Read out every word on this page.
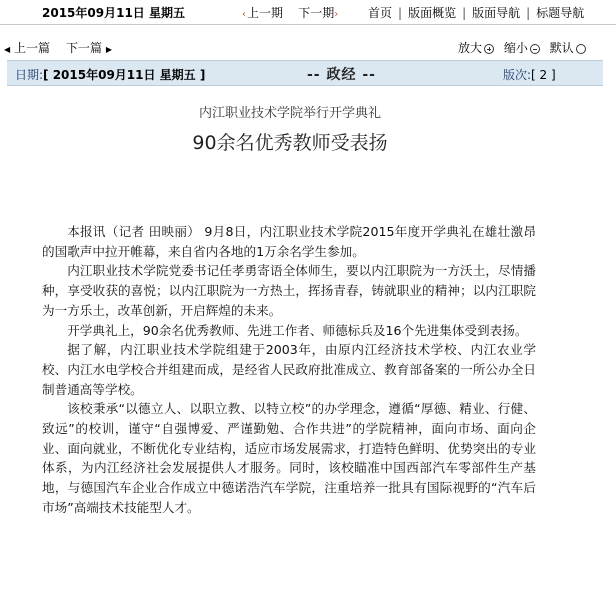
2015年09月11日 星期五	‹上一期 下一期› 首页 | 版面概览 | 版面导航 | 标题导航
◀ 上一篇 下一篇 ▶	放大 缩小 默认
日期:[ 2015年09月11日 星期五 ]	-- 政经 --	版次:[ 2 ]
内江职业技术学院举行开学典礼
90余名优秀教师受表扬

本报讯（记者 田映丽） 9月8日，内江职业技术学院2015年度开学典礼在雄壮激昂的国歌声中拉开帷幕，来自省内各地的1万余名学生参加。

内江职业技术学院党委书记任孝勇寄语全体师生，要以内江职院为一方沃土，尽情播种，享受收获的喜悦；以内江职院为一方热土，挥扬青春，铸就职业的精神；以内江职院为一方乐土，改革创新，开启辉煌的未来。

开学典礼上，90余名优秀教师、先进工作者、师德标兵及16个先进集体受到表扬。

据了解，内江职业技术学院组建于2003年，由原内江经济技术学校、内江农业学校、内江水电学校合并组建而成，是经省人民政府批准成立、教育部备案的一所公办全日制普通高等学校。

该校秉承“以德立人、以职立教、以特立校”的办学理念，遵循“厚德、精业、行健、致远”的校训，谨守“自强博爱、严谨勤勉、合作共进”的学院精神，面向市场、面向企业、面向就业，不断优化专业结构，适应市场发展需求，打造特色鲜明、优势突出的专业体系，为内江经济社会发展提供人才服务。同时，该校瞄准中国西部汽车零部件生产基地，与德国汽车企业合作成立中德诺浩汽车学院，注重培养一批具有国际视野的“汽车后市场”高端技术技能型人才。
